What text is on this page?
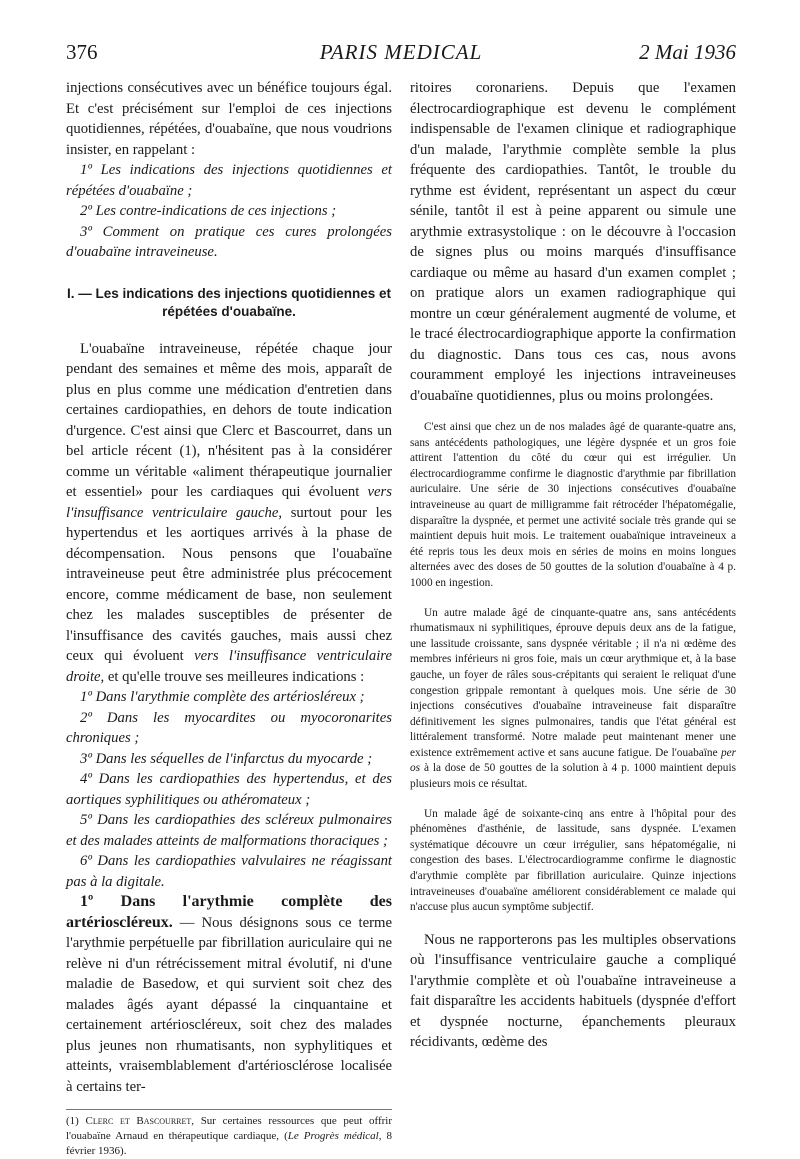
376	PARIS MEDICAL	2 Mai 1936

injections consécutives avec un bénéfice toujours égal. Et c'est précisément sur l'emploi de ces injections quotidiennes, répétées, d'ouabaïne, que nous voudrions insister, en rappelant :

1º Les indications des injections quotidiennes et répétées d'ouabaïne ;

2º Les contre-indications de ces injections ;

3º Comment on pratique ces cures prolongées d'ouabaïne intraveineuse.

I. — Les indications des injections quotidiennes et répétées d'ouabaïne.

L'ouabaïne intraveineuse, répétée chaque jour pendant des semaines et même des mois, apparaît de plus en plus comme une médication d'entretien dans certaines cardiopathies, en dehors de toute indication d'urgence. C'est ainsi que Clerc et Bascourret, dans un bel article récent (1), n'hésitent pas à la considérer comme un véritable «aliment thérapeutique journalier et essentiel» pour les cardiaques qui évoluent vers l'insuffisance ventriculaire gauche, surtout pour les hypertendus et les aortiques arrivés à la phase de décompensation. Nous pensons que l'ouabaïne intraveineuse peut être administrée plus précocement encore, comme médicament de base, non seulement chez les malades susceptibles de présenter de l'insuffisance des cavités gauches, mais aussi chez ceux qui évoluent vers l'insuffisance ventriculaire droite, et qu'elle trouve ses meilleures indications :

1º Dans l'arythmie complète des artériosléreux ;

2º Dans les myocardites ou myocoronarites chroniques ;

3º Dans les séquelles de l'infarctus du myocarde ;

4º Dans les cardiopathies des hypertendus, et des aortiques syphilitiques ou athéromateux ;

5º Dans les cardiopathies des scléreux pulmonaires et des malades atteints de malformations thoraciques ;

6º Dans les cardiopathies valvulaires ne réagissant pas à la digitale.

1º Dans l'arythmie complète des artérioscléreux. — Nous désignons sous ce terme l'arythmie perpétuelle par fibrillation auriculaire qui ne relève ni d'un rétrécissement mitral évolutif, ni d'une maladie de Basedow, et qui survient soit chez des malades âgés ayant dépassé la cinquantaine et certainement artérioscléreux, soit chez des malades plus jeunes non rhumatisants, non syphylitiques et atteints, vraisemblablement d'artériosclérose localisée à certains ter-

(1) Clerc et Bascourret, Sur certaines ressources que peut offrir l'ouabaïne Arnaud en thérapeutique cardiaque, (Le Progrès médical, 8 février 1936).

ritoires coronariens. Depuis que l'examen électrocardiographique est devenu le complément indispensable de l'examen clinique et radiographique d'un malade, l'arythmie complète semble la plus fréquente des cardiopathies. Tantôt, le trouble du rythme est évident, représentant un aspect du cœur sénile, tantôt il est à peine apparent ou simule une arythmie extrasystolique : on le découvre à l'occasion de signes plus ou moins marqués d'insuffisance cardiaque ou même au hasard d'un examen complet ; on pratique alors un examen radiographique qui montre un cœur généralement augmenté de volume, et le tracé électrocardiographique apporte la confirmation du diagnostic. Dans tous ces cas, nous avons couramment employé les injections intraveineuses d'ouabaïne quotidiennes, plus ou moins prolongées.

C'est ainsi que chez un de nos malades âgé de quarante-quatre ans, sans antécédents pathologiques, une légère dyspnée et un gros foie attirent l'attention du côté du cœur qui est irrégulier. Un électrocardiogramme confirme le diagnostic d'arythmie par fibrillation auriculaire. Une série de 30 injections consécutives d'ouabaïne intraveineuse au quart de milligramme fait rétrocéder l'hépatomégalie, disparaître la dyspnée, et permet une activité sociale très grande qui se maintient depuis huit mois. Le traitement ouabaïnique intraveineux a été repris tous les deux mois en séries de moins en moins longues alternées avec des doses de 50 gouttes de la solution d'ouabaïne à 4 p. 1000 en ingestion.

Un autre malade âgé de cinquante-quatre ans, sans antécédents rhumatismaux ni syphilitiques, éprouve depuis deux ans de la fatigue, une lassitude croissante, sans dyspnée véritable ; il n'a ni œdème des membres inférieurs ni gros foie, mais un cœur arythmique et, à la base gauche, un foyer de râles sous-crépitants qui seraient le reliquat d'une congestion grippale remontant à quelques mois. Une série de 30 injections consécutives d'ouabaïne intraveineuse fait disparaître définitivement les signes pulmonaires, tandis que l'état général est littéralement transformé. Notre malade peut maintenant mener une existence extrêmement active et sans aucune fatigue. De l'ouabaïne per os à la dose de 50 gouttes de la solution à 4 p. 1000 maintient depuis plusieurs mois ce résultat.

Un malade âgé de soixante-cinq ans entre à l'hôpital pour des phénomènes d'asthénie, de lassitude, sans dyspnée. L'examen systématique découvre un cœur irrégulier, sans hépatomégalie, ni congestion des bases. L'électrocardiogramme confirme le diagnostic d'arythmie complète par fibrillation auriculaire. Quinze injections intraveineuses d'ouabaïne améliorent considérablement ce malade qui n'accuse plus aucun symptôme subjectif.

Nous ne rapporterons pas les multiples observations où l'insuffisance ventriculaire gauche a compliqué l'arythmie complète et où l'ouabaïne intraveineuse a fait disparaître les accidents habituels (dyspnée d'effort et dyspnée nocturne, épanchements pleuraux récidivants, œdème des
